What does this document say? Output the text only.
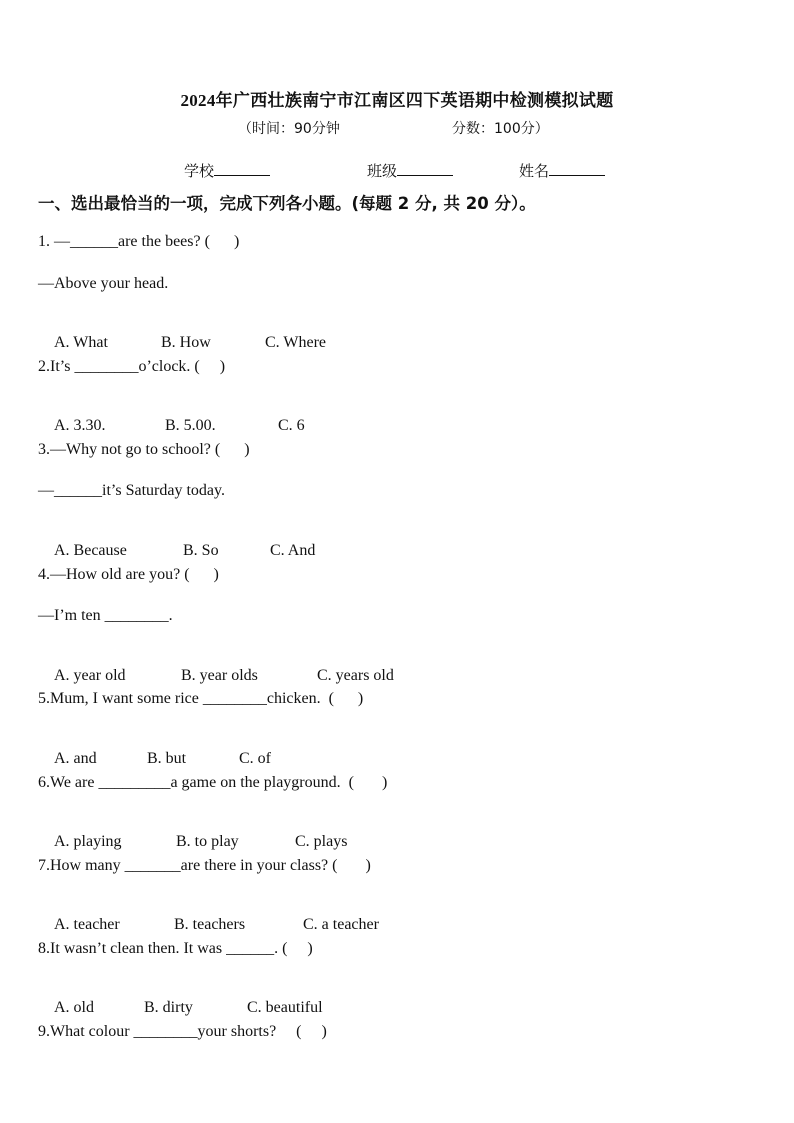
2024年广西壮族南宁市江南区四下英语期中检测模拟试题
（时间：90分钟	分数：100分）
学校	班级	姓名
一、选出最恰当的一项，完成下列各小题。(每题 2 分, 共 20 分）。
1. —______are the bees? (      )
—Above your head.

A. What	B. How	C. Where

2.It’s ________o’clock. (     )

A. 3.30.	B. 5.00.	C. 6

3.—Why not go to school? (      )
—______it’s Saturday today.

A. Because	B. So	C. And

4.—How old are you? (      )
—I’m ten ________.

A. year old	B. year olds	C. years old

5.Mum, I want some rice ________chicken.  (      )

A. and	B. but	C. of

6.We are _________a game on the playground.  (       )

A. playing	B. to play	C. plays

7.How many _______are there in your class? (       )

A. teacher	B. teachers	C. a teacher

8.It wasn’t clean then. It was ______. (     )

A. old	B. dirty	C. beautiful

9.What colour ________your shorts?     (     )
